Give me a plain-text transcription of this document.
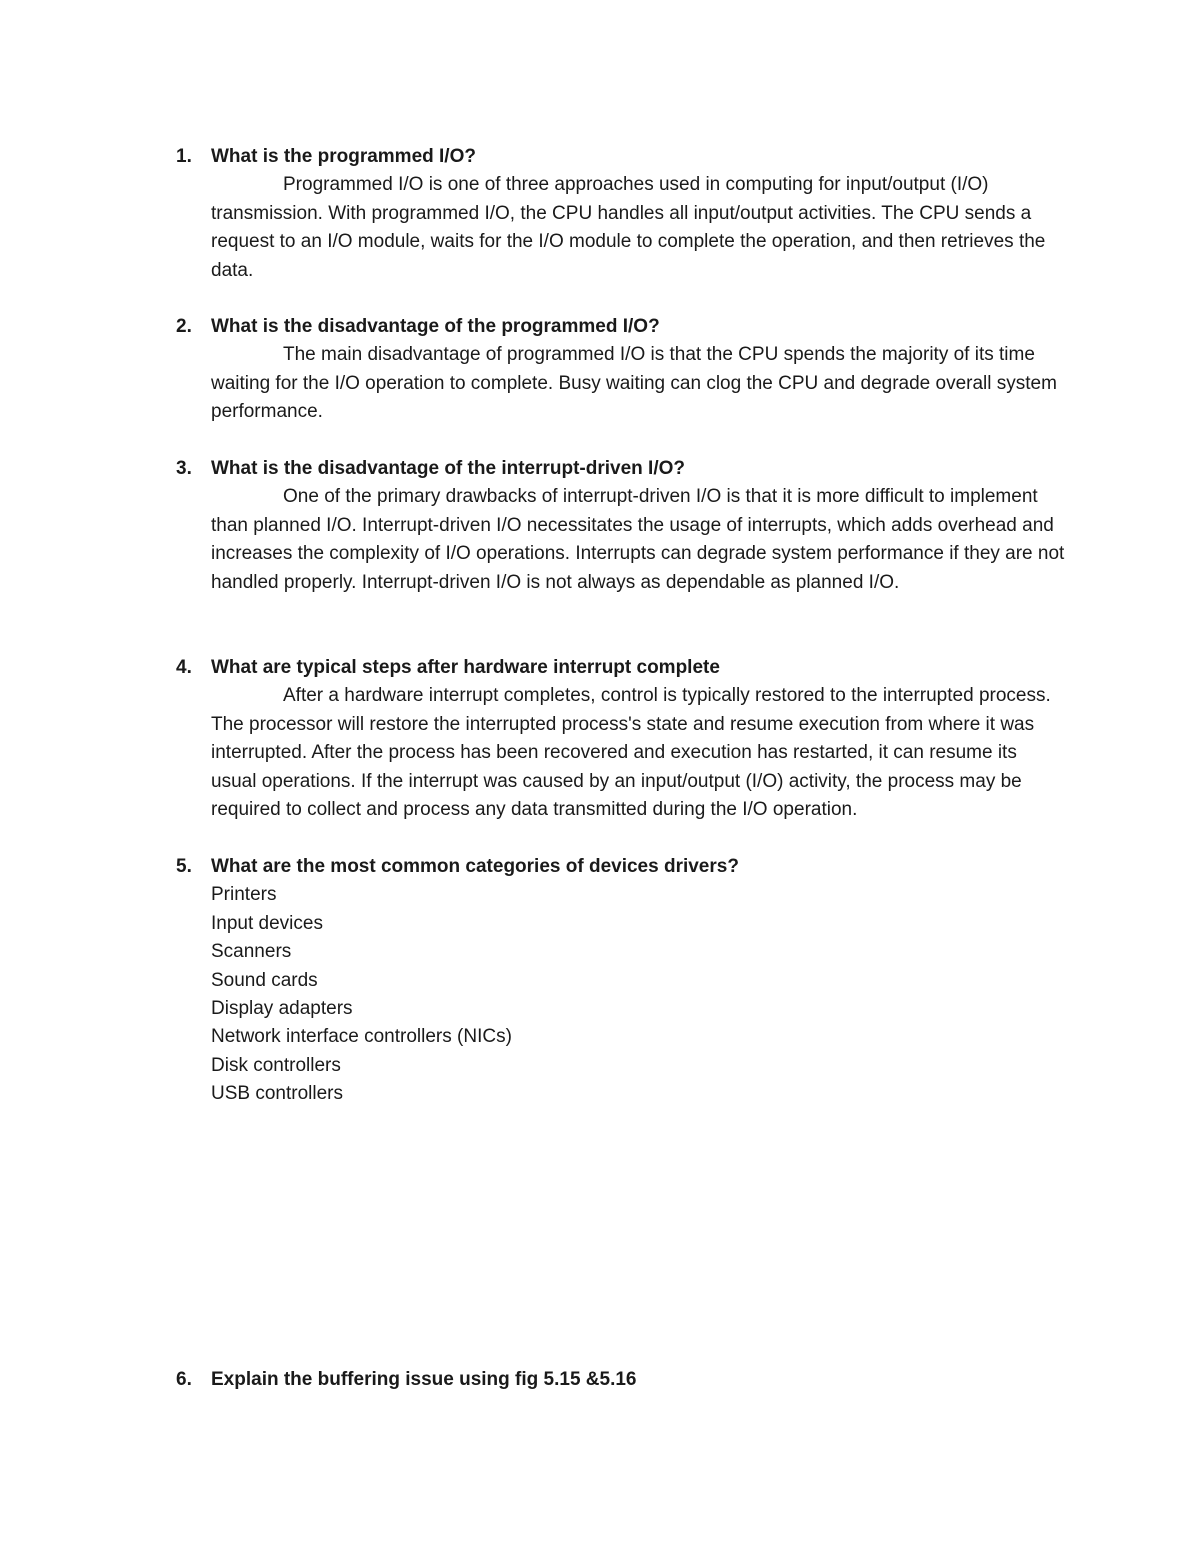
1. What is the programmed I/O?

Programmed I/O is one of three approaches used in computing for input/output (I/O) transmission. With programmed I/O, the CPU handles all input/output activities. The CPU sends a request to an I/O module, waits for the I/O module to complete the operation, and then retrieves the data.

2. What is the disadvantage of the programmed I/O?

The main disadvantage of programmed I/O is that the CPU spends the majority of its time waiting for the I/O operation to complete. Busy waiting can clog the CPU and degrade overall system performance.

3. What is the disadvantage of the interrupt-driven I/O?

One of the primary drawbacks of interrupt-driven I/O is that it is more difficult to implement than planned I/O. Interrupt-driven I/O necessitates the usage of interrupts, which adds overhead and increases the complexity of I/O operations. Interrupts can degrade system performance if they are not handled properly. Interrupt-driven I/O is not always as dependable as planned I/O.

4. What are typical steps after hardware interrupt complete

After a hardware interrupt completes, control is typically restored to the interrupted process. The processor will restore the interrupted process's state and resume execution from where it was interrupted. After the process has been recovered and execution has restarted, it can resume its usual operations. If the interrupt was caused by an input/output (I/O) activity, the process may be required to collect and process any data transmitted during the I/O operation.

5. What are the most common categories of devices drivers?
Printers
Input devices
Scanners
Sound cards
Display adapters
Network interface controllers (NICs)
Disk controllers
USB controllers
6. Explain the buffering issue using fig 5.15 &5.16
